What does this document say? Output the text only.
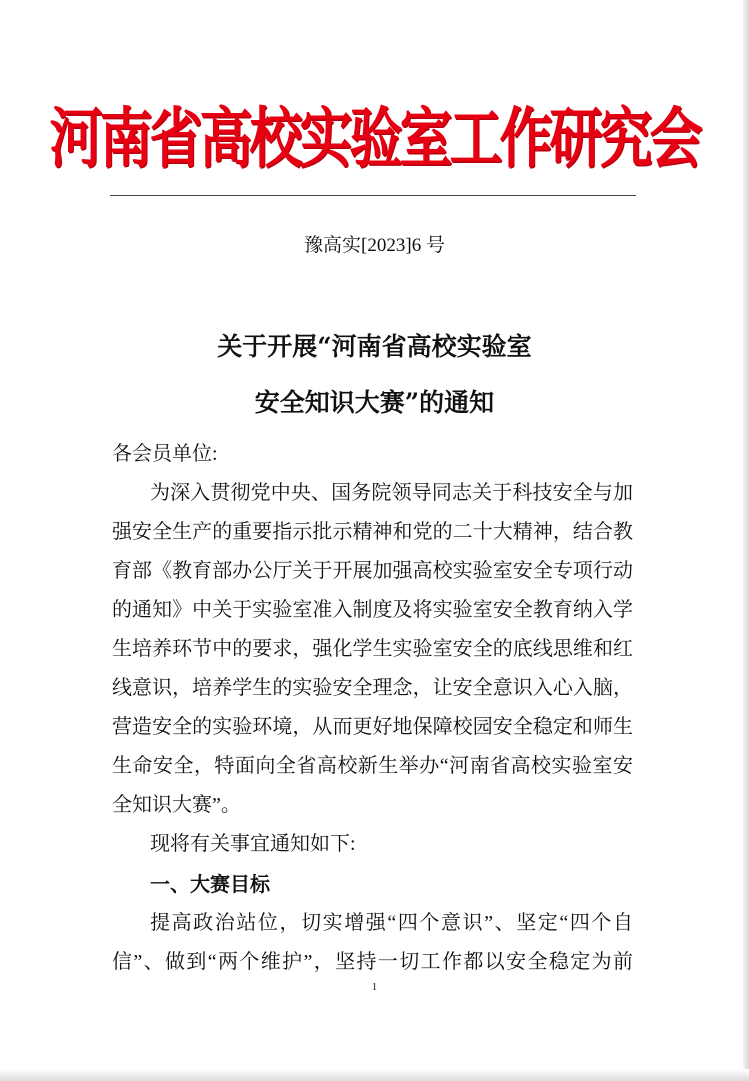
河南省高校实验室工作研究会
豫高实[2023]6 号
关于开展“河南省高校实验室
安全知识大赛”的通知
各会员单位:
为深入贯彻党中央、国务院领导同志关于科技安全与加
强安全生产的重要指示批示精神和党的二十大精神，结合教
育部《教育部办公厅关于开展加强高校实验室安全专项行动
的通知》中关于实验室准入制度及将实验室安全教育纳入学
生培养环节中的要求，强化学生实验室安全的底线思维和红
线意识，培养学生的实验安全理念，让安全意识入心入脑，
营造安全的实验环境，从而更好地保障校园安全稳定和师生
生命安全，特面向全省高校新生举办“河南省高校实验室安
全知识大赛”。
现将有关事宜通知如下:
一、大赛目标
提高政治站位，切实增强“四个意识”、坚定“四个自
信”、做到“两个维护”，坚持一切工作都以安全稳定为前
1
